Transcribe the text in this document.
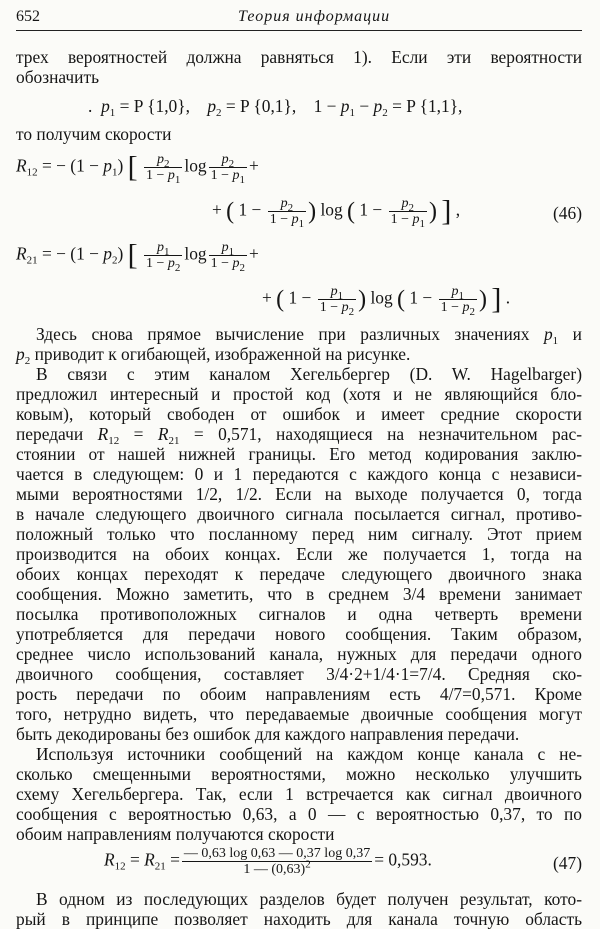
652	Теория информации
трех вероятностей должна равняться 1). Если эти вероятности
обозначить
. $p_1 = P$ {1,0}, $p_2 = P$ {0,1},    $1 - p_1 - p_2 = P$ {1,1},
то получим скорости
$R_{12}$ = − $(1 - p_1)$ [ $\frac{p_2}{1 - p_1}$ $\log \frac{p_2}{1 - p_1}$ +
+ ( $1 - \frac{p_2}{1 - p_1}$ ) log ( $1 - \frac{p_2}{1 - p_1}$ ) ] ,	(46)
$R_{21}$ = − $(1 - p_2)$ [ $\frac{p_1}{1 - p_2}$ $\log \frac{p_1}{1 - p_2}$ +
+ ( $1 - \frac{p_1}{1 - p_2}$ ) log ( $1 - \frac{p_1}{1 - p_2}$ ) ] .
Здесь снова прямое вычисление при различных значениях $p_1$ и
$p_2$ приводит к огибающей, изображенной на рисунке.
В связи с этим каналом Хегельбергер (D. W. Hagelbarger)
предложил интересный и простой код (хотя и не являющийся бло-
ковым), который свободен от ошибок и имеет средние скорости
передачи $R_{12} = R_{21} = 0,571$, находящиеся на незначительном рас-
стоянии от нашей нижней границы. Его метод кодирования заклю-
чается в следующем: 0 и 1 передаются с каждого конца с независи-
мыми вероятностями 1/2, 1/2. Если на выходе получается 0, тогда
в начале следующего двоичного сигнала посылается сигнал, противо-
положный только что посланному перед ним сигналу. Этот прием
производится на обоих концах. Если же получается 1, тогда на
обоих концах переходят к передаче следующего двоичного знака
сообщения. Можно заметить, что в среднем 3/4 времени занимает
посылка противоположных сигналов и одна четверть времени
употребляется для передачи нового сообщения. Таким образом,
среднее число использований канала, нужных для передачи одного
двоичного сообщения, составляет 3/4·2+1/4·1=7/4. Средняя ско-
рость передачи по обоим направлениям есть 4/7=0,571. Кроме
того, нетрудно видеть, что передаваемые двоичные сообщения могут
быть декодированы без ошибок для каждого направления передачи.
Используя источники сообщений на каждом конце канала с не-
сколько смещенными вероятностями, можно несколько улучшить
схему Хегельбергера. Так, если 1 встречается как сигнал двоичного
сообщения с вероятностью 0,63, а 0 — с вероятностью 0,37, то по
обоим направлениям получаются скорости
$R_{12} = R_{21} = \frac{— 0,63 \log 0,63 — 0,37 \log 0,37}{1 — (0,63)^2} = 0,593$.	(47)
В одном из последующих разделов будет получен результат, кото-
рый в принципе позволяет находить для канала точную область
